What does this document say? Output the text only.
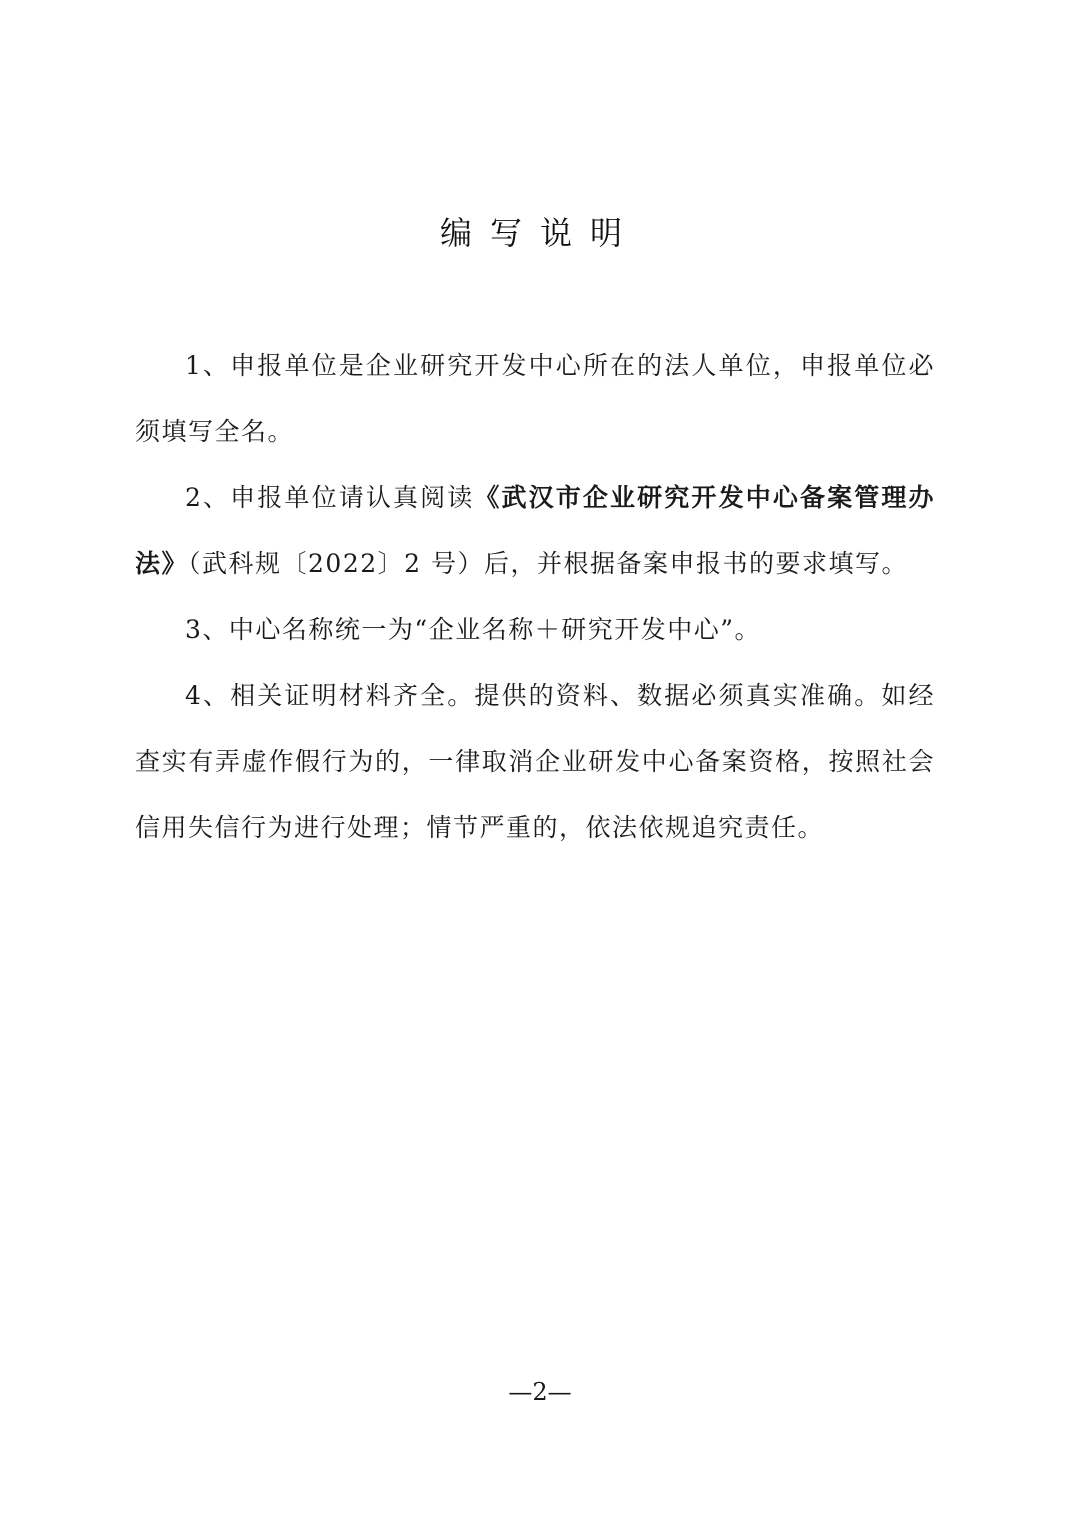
编写说明

1、申报单位是企业研究开发中心所在的法人单位，申报单位必须填写全名。

2、申报单位请认真阅读《武汉市企业研究开发中心备案管理办法》（武科规〔2022〕2 号）后，并根据备案申报书的要求填写。

3、中心名称统一为“企业名称＋研究开发中心”。

4、相关证明材料齐全。提供的资料、数据必须真实准确。如经查实有弄虚作假行为的，一律取消企业研发中心备案资格，按照社会信用失信行为进行处理；情节严重的，依法依规追究责任。

—2—
